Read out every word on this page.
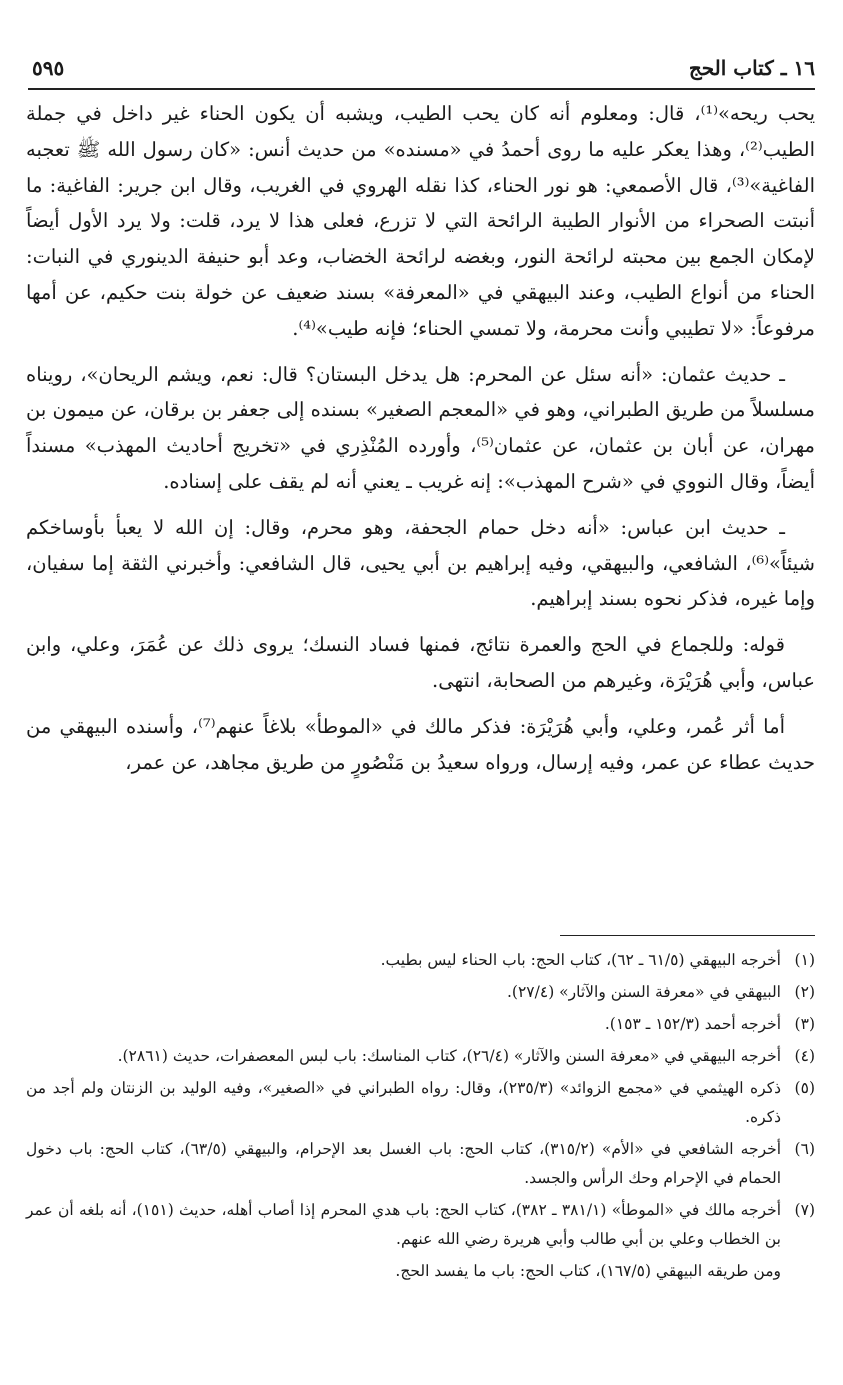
١٦ ـ كتاب الحج
٥٩٥

يحب ريحه»⁽¹⁾، قال: ومعلوم أنه كان يحب الطيب، ويشبه أن يكون الحناء غير داخل في جملة الطيب⁽²⁾، وهذا يعكر عليه ما روى أحمدُ في «مسنده» من حديث أنس: «كان رسول الله ﷺ تعجبه الفاغية»⁽³⁾، قال الأصمعي: هو نور الحناء، كذا نقله الهروي في الغريب، وقال ابن جرير: الفاغية: ما أنبتت الصحراء من الأنوار الطيبة الرائحة التي لا تزرع، فعلى هذا لا يرد، قلت: ولا يرد الأول أيضاً لإمكان الجمع بين محبته لرائحة النور، وبغضه لرائحة الخضاب، وعد أبو حنيفة الدينوري في النبات: الحناء من أنواع الطيب، وعند البيهقي في «المعرفة» بسند ضعيف عن خولة بنت حكيم، عن أمها مرفوعاً: «لا تطيبي وأنت محرمة، ولا تمسي الحناء؛ فإنه طيب»⁽⁴⁾.

ـ حديث عثمان: «أنه سئل عن المحرم: هل يدخل البستان؟ قال: نعم، ويشم الريحان»، رويناه مسلسلاً من طريق الطبراني، وهو في «المعجم الصغير» بسنده إلى جعفر بن برقان، عن ميمون بن مهران، عن أبان بن عثمان، عن عثمان⁽⁵⁾، وأورده المُنْذِري في «تخريج أحاديث المهذب» مسنداً أيضاً، وقال النووي في «شرح المهذب»: إنه غريب ـ يعني أنه لم يقف على إسناده.

ـ حديث ابن عباس: «أنه دخل حمام الجحفة، وهو محرم، وقال: إن الله لا يعبأ بأوساخكم شيئاً»⁽⁶⁾، الشافعي، والبيهقي، وفيه إبراهيم بن أبي يحيى، قال الشافعي: وأخبرني الثقة إما سفيان، وإما غيره، فذكر نحوه بسند إبراهيم.

قوله: وللجماع في الحج والعمرة نتائج، فمنها فساد النسك؛ يروى ذلك عن عُمَرَ، وعلي، وابن عباس، وأبي هُرَيْرَة، وغيرهم من الصحابة، انتهى.

أما أثر عُمر، وعلي، وأبي هُرَيْرَة: فذكر مالك في «الموطأ» بلاغاً عنهم⁽⁷⁾، وأسنده البيهقي من حديث عطاء عن عمر، وفيه إرسال، ورواه سعيدُ بن مَنْصُورٍ من طريق مجاهد، عن عمر،

(١)
أخرجه البيهقي (٦١/٥ ـ ٦٢)، كتاب الحج: باب الحناء ليس بطيب.
(٢)
البيهقي في «معرفة السنن والآثار» (٢٧/٤).
(٣)
أخرجه أحمد (١٥٢/٣ ـ ١٥٣).
(٤)
أخرجه البيهقي في «معرفة السنن والآثار» (٢٦/٤)، كتاب المناسك: باب لبس المعصفرات، حديث (٢٨٦١).
(٥)
ذكره الهيثمي في «مجمع الزوائد» (٢٣٥/٣)، وقال: رواه الطبراني في «الصغير»، وفيه الوليد بن الزنتان ولم أجد من ذكره.
(٦)
أخرجه الشافعي في «الأم» (٣١٥/٢)، كتاب الحج: باب الغسل بعد الإحرام، والبيهقي (٦٣/٥)، كتاب الحج: باب دخول الحمام في الإحرام وحك الرأس والجسد.
(٧)
أخرجه مالك في «الموطأ» (٣٨١/١ ـ ٣٨٢)، كتاب الحج: باب هدي المحرم إذا أصاب أهله، حديث (١٥١)، أنه بلغه أن عمر بن الخطاب وعلي بن أبي طالب وأبي هريرة رضي الله عنهم.

ومن طريقه البيهقي (١٦٧/٥)، كتاب الحج: باب ما يفسد الحج.
